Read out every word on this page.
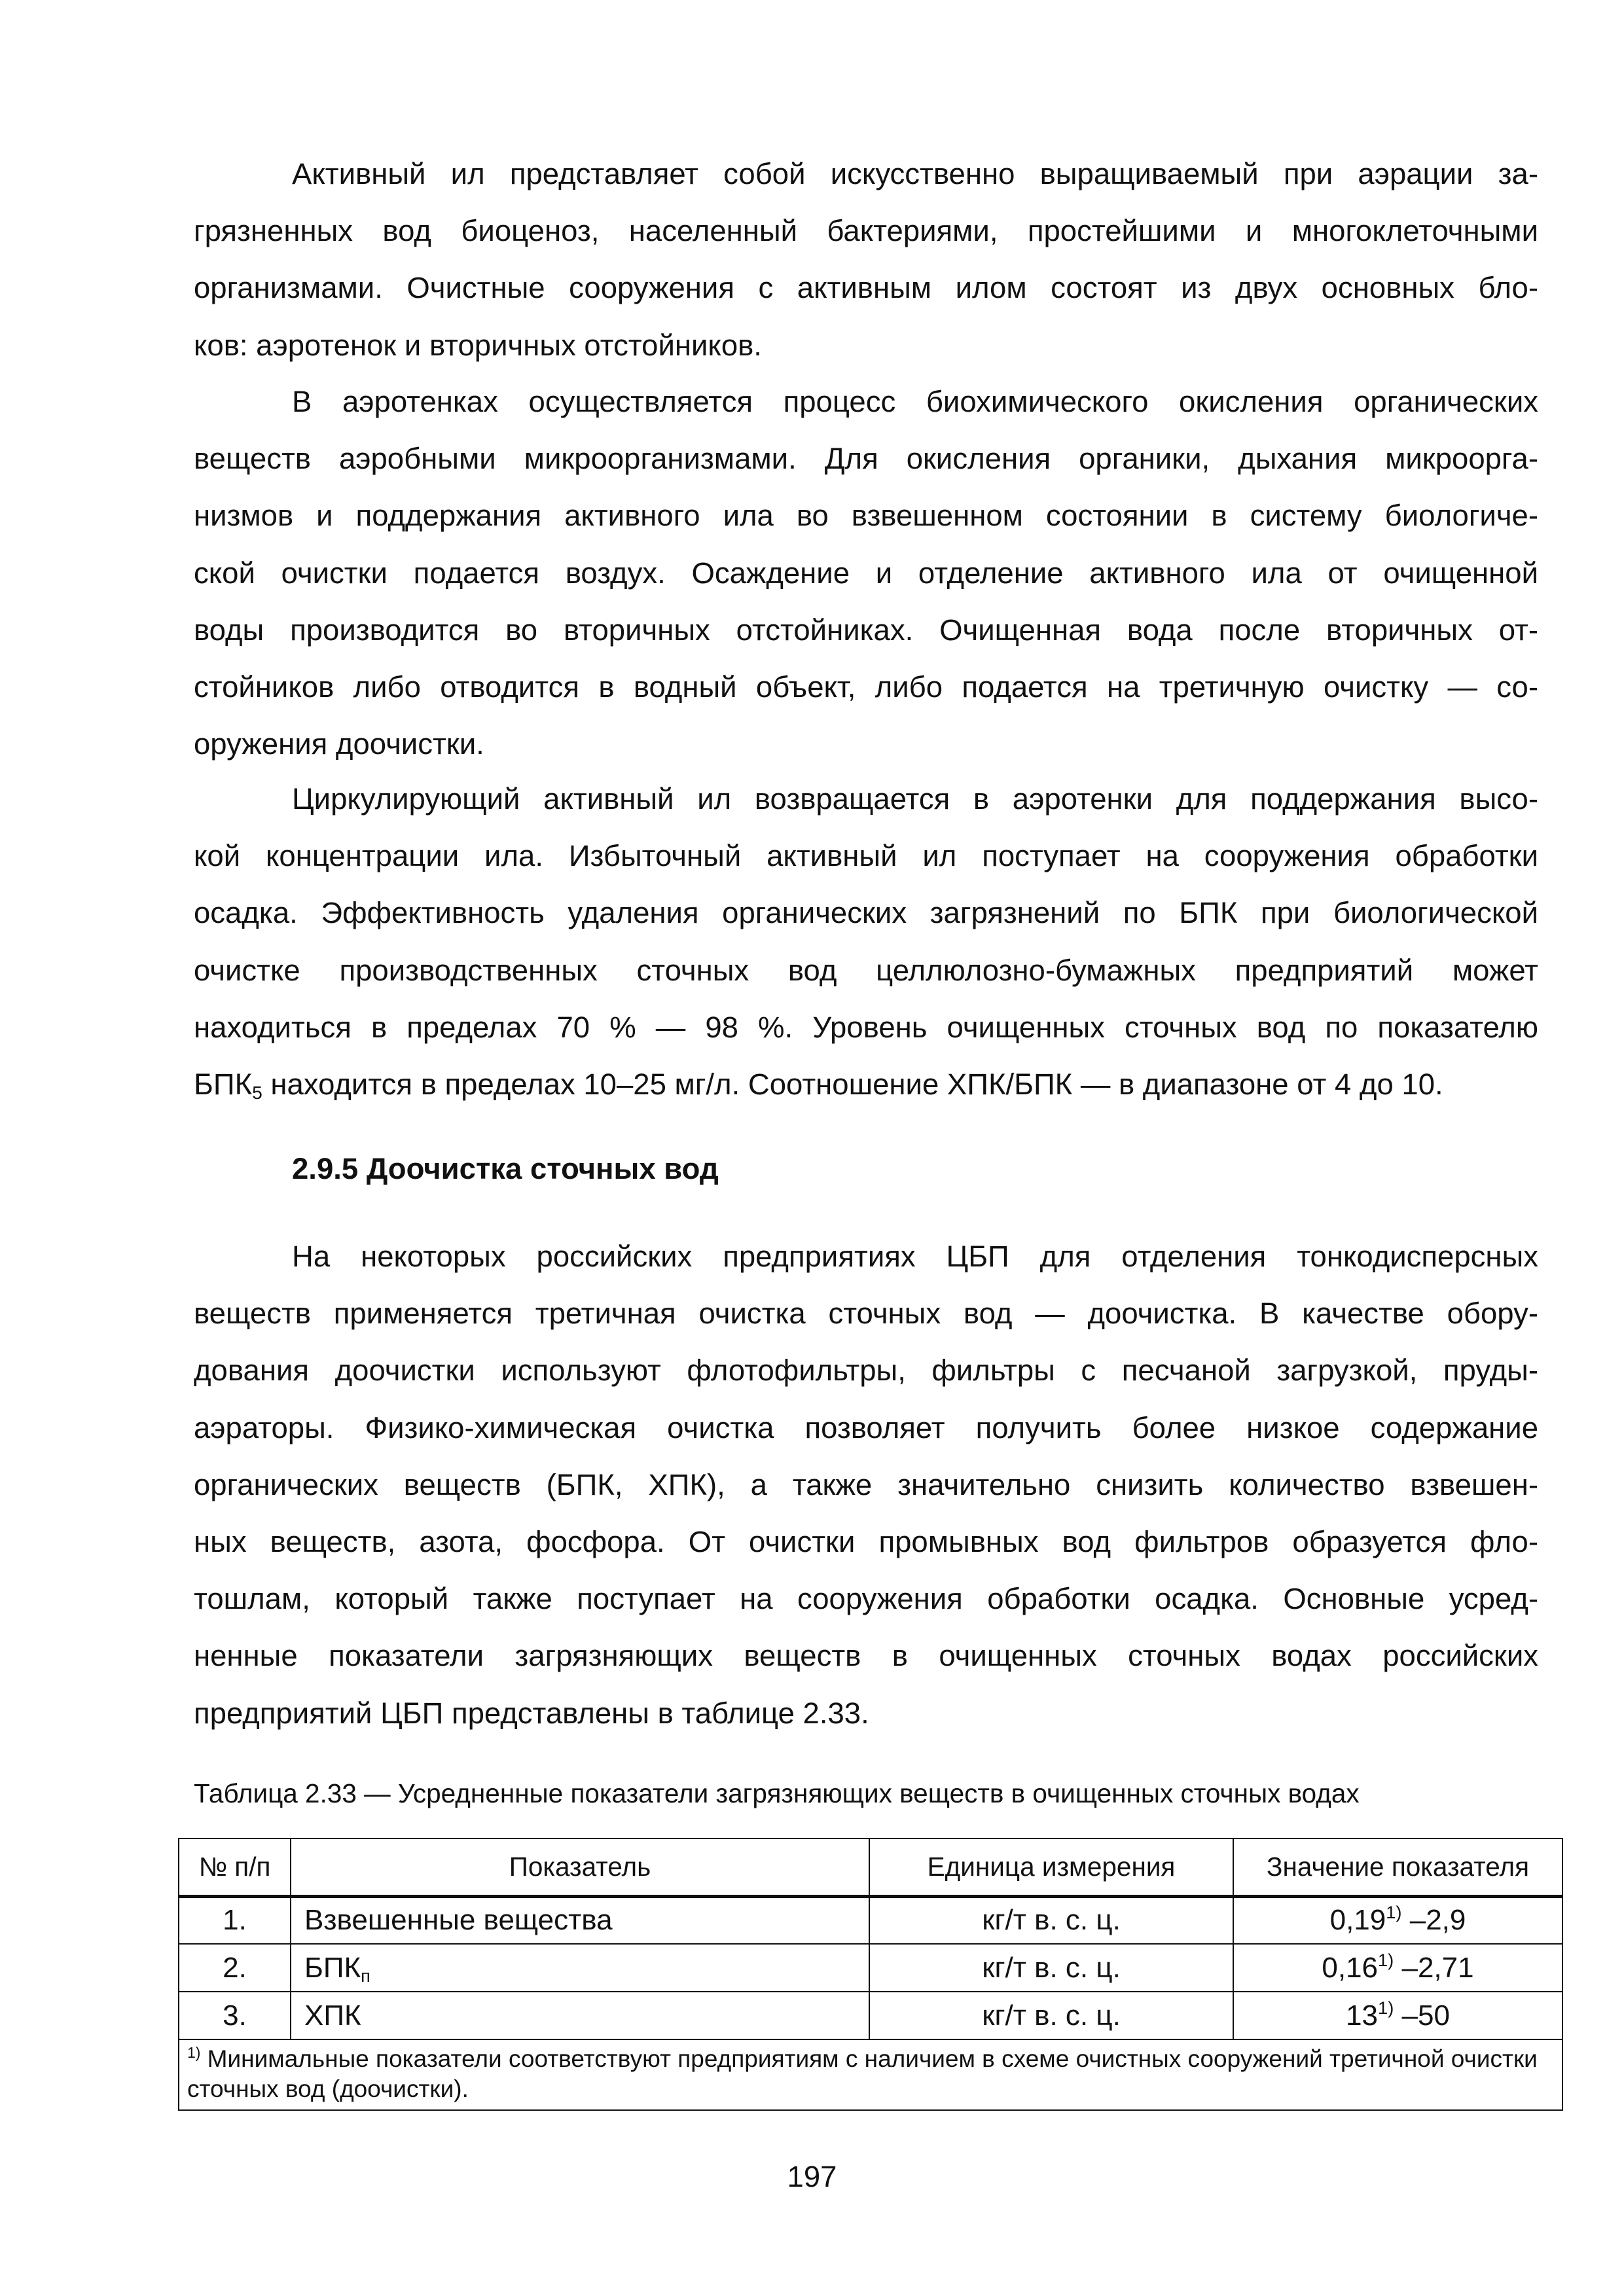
Активный ил представляет собой искусственно выращиваемый при аэрации за-
грязненных вод биоценоз, населенный бактериями, простейшими и многоклеточными
организмами. Очистные сооружения с активным илом состоят из двух основных бло-
ков: аэротенок и вторичных отстойников.
В аэротенках осуществляется процесс биохимического окисления органических
веществ аэробными микроорганизмами. Для окисления органики, дыхания микроорга-
низмов и поддержания активного ила во взвешенном состоянии в систему биологиче-
ской очистки подается воздух. Осаждение и отделение активного ила от очищенной
воды производится во вторичных отстойниках. Очищенная вода после вторичных от-
стойников либо отводится в водный объект, либо подается на третичную очистку — со-
оружения доочистки.
Циркулирующий активный ил возвращается в аэротенки для поддержания высо-
кой концентрации ила. Избыточный активный ил поступает на сооружения обработки
осадка. Эффективность удаления органических загрязнений по БПК при биологической
очистке производственных сточных вод целлюлозно-бумажных предприятий может
находиться в пределах 70 % — 98 %. Уровень очищенных сточных вод по показателю
$БПК_5$ находится в пределах 10–25 мг/л. Соотношение ХПК/БПК — в диапазоне от 4 до 10.
2.9.5 Доочистка сточных вод
На некоторых российских предприятиях ЦБП для отделения тонкодисперсных
веществ применяется третичная очистка сточных вод — доочистка. В качестве обору-
дования доочистки используют флотофильтры, фильтры с песчаной загрузкой, пруды-
аэраторы. Физико-химическая очистка позволяет получить более низкое содержание
органических веществ (БПК, ХПК), а также значительно снизить количество взвешен-
ных веществ, азота, фосфора. От очистки промывных вод фильтров образуется фло-
тошлам, который также поступает на сооружения обработки осадка. Основные усред-
ненные показатели загрязняющих веществ в очищенных сточных водах российских
предприятий ЦБП представлены в таблице 2.33.
Таблица 2.33 — Усредненные показатели загрязняющих веществ в очищенных сточных водах
№ п/п	Показатель	Единица измерения	Значение показателя
1.	Взвешенные вещества	кг/т в. с. ц.	0,19$^{1)}$ –2,9
2.	$БПК_п$	кг/т в. с. ц.	0,16$^{1)}$ –2,71
3.	ХПК	кг/т в. с. ц.	13$^{1)}$ –50
$^{1)}$ Минимальные показатели соответствуют предприятиям с наличием в схеме очистных сооружений третичной очистки сточных вод (доочистки).			
197
